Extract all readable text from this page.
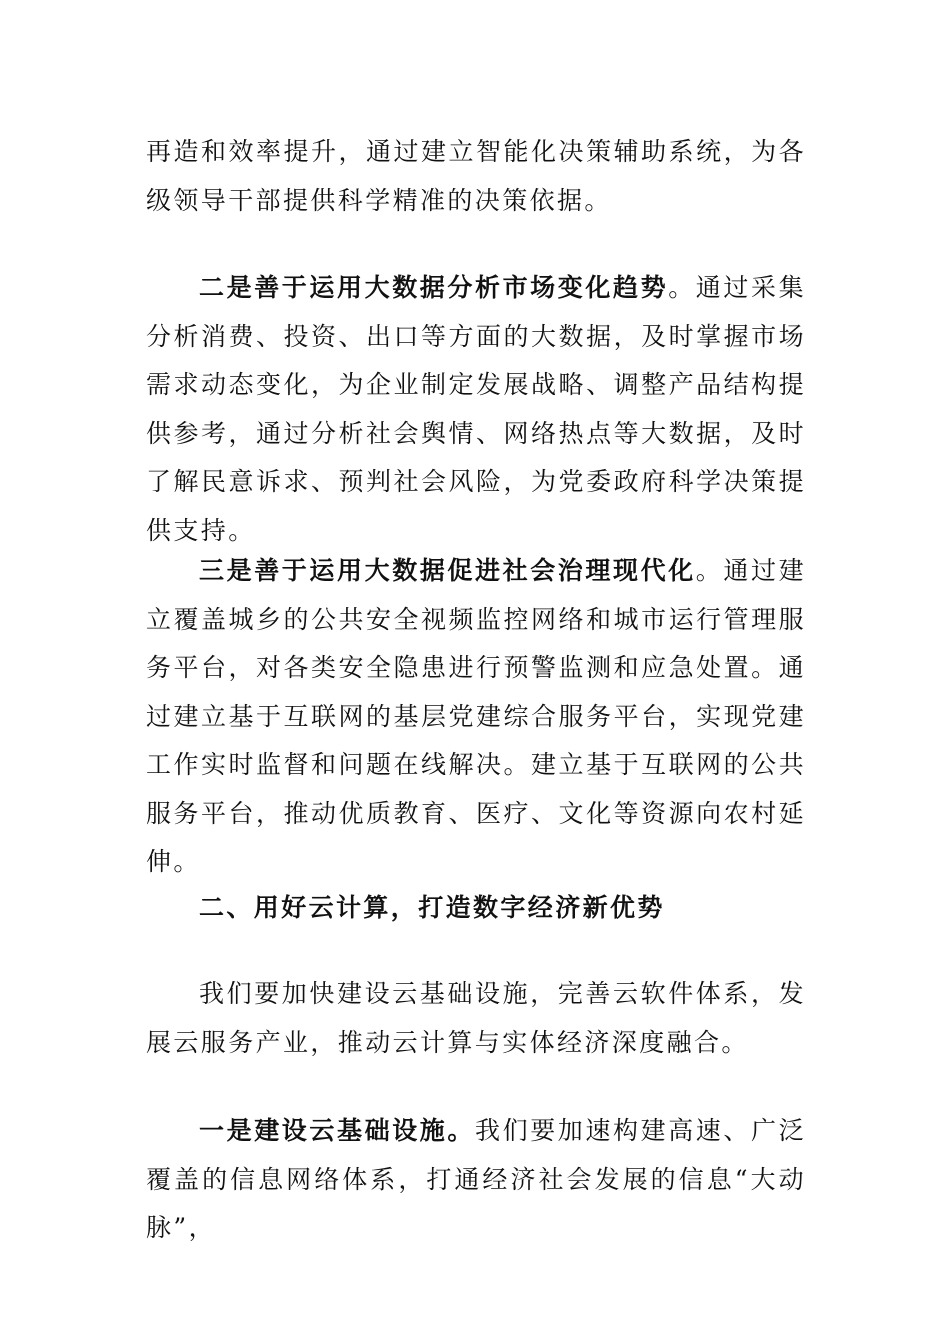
再造和效率提升，通过建立智能化决策辅助系统，为各级领导干部提供科学精准的决策依据。

二是善于运用大数据分析市场变化趋势。通过采集分析消费、投资、出口等方面的大数据，及时掌握市场需求动态变化，为企业制定发展战略、调整产品结构提供参考，通过分析社会舆情、网络热点等大数据，及时了解民意诉求、预判社会风险，为党委政府科学决策提供支持。

三是善于运用大数据促进社会治理现代化。通过建立覆盖城乡的公共安全视频监控网络和城市运行管理服务平台，对各类安全隐患进行预警监测和应急处置。通过建立基于互联网的基层党建综合服务平台，实现党建工作实时监督和问题在线解决。建立基于互联网的公共服务平台，推动优质教育、医疗、文化等资源向农村延伸。

二、用好云计算，打造数字经济新优势

我们要加快建设云基础设施，完善云软件体系，发展云服务产业，推动云计算与实体经济深度融合。

一是建设云基础设施。我们要加速构建高速、广泛覆盖的信息网络体系，打通经济社会发展的信息“大动脉”，
